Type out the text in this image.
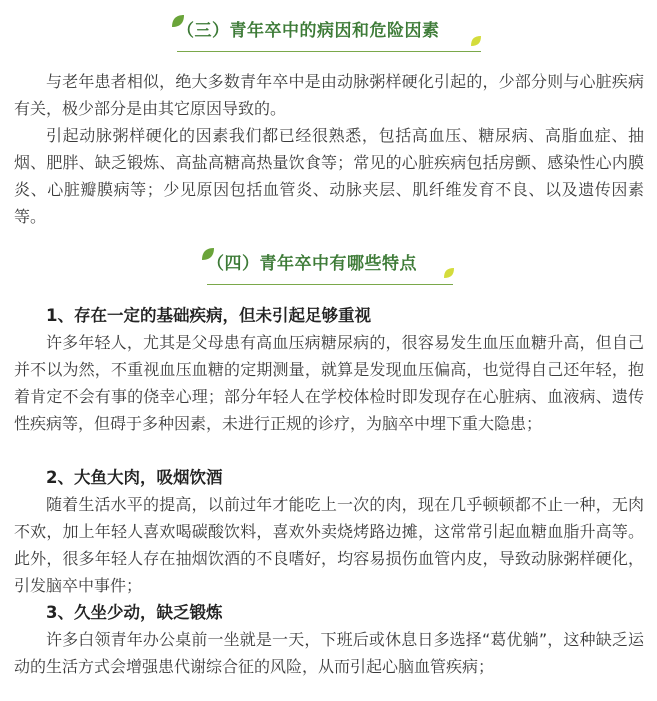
（三）青年卒中的病因和危险因素

与老年患者相似，绝大多数青年卒中是由动脉粥样硬化引起的，少部分则与心脏疾病有关，极少部分是由其它原因导致的。

引起动脉粥样硬化的因素我们都已经很熟悉，包括高血压、糖尿病、高脂血症、抽烟、肥胖、缺乏锻炼、高盐高糖高热量饮食等；常见的心脏疾病包括房颤、感染性心内膜炎、心脏瓣膜病等；少见原因包括血管炎、动脉夹层、肌纤维发育不良、以及遗传因素等。

（四）青年卒中有哪些特点
1、存在一定的基础疾病，但未引起足够重视

许多年轻人，尤其是父母患有高血压病糖尿病的，很容易发生血压血糖升高，但自己并不以为然，不重视血压血糖的定期测量，就算是发现血压偏高，也觉得自己还年轻，抱着肯定不会有事的侥幸心理；部分年轻人在学校体检时即发现存在心脏病、血液病、遗传性疾病等，但碍于多种因素，未进行正规的诊疗，为脑卒中埋下重大隐患；

2、大鱼大肉，吸烟饮酒

随着生活水平的提高，以前过年才能吃上一次的肉，现在几乎顿顿都不止一种，无肉不欢，加上年轻人喜欢喝碳酸饮料，喜欢外卖烧烤路边摊，这常常引起血糖血脂升高等。此外，很多年轻人存在抽烟饮酒的不良嗜好，均容易损伤血管内皮，导致动脉粥样硬化，引发脑卒中事件；

3、久坐少动，缺乏锻炼

许多白领青年办公桌前一坐就是一天，下班后或休息日多选择“葛优躺”，这种缺乏运动的生活方式会增强患代谢综合征的风险，从而引起心脑血管疾病；
